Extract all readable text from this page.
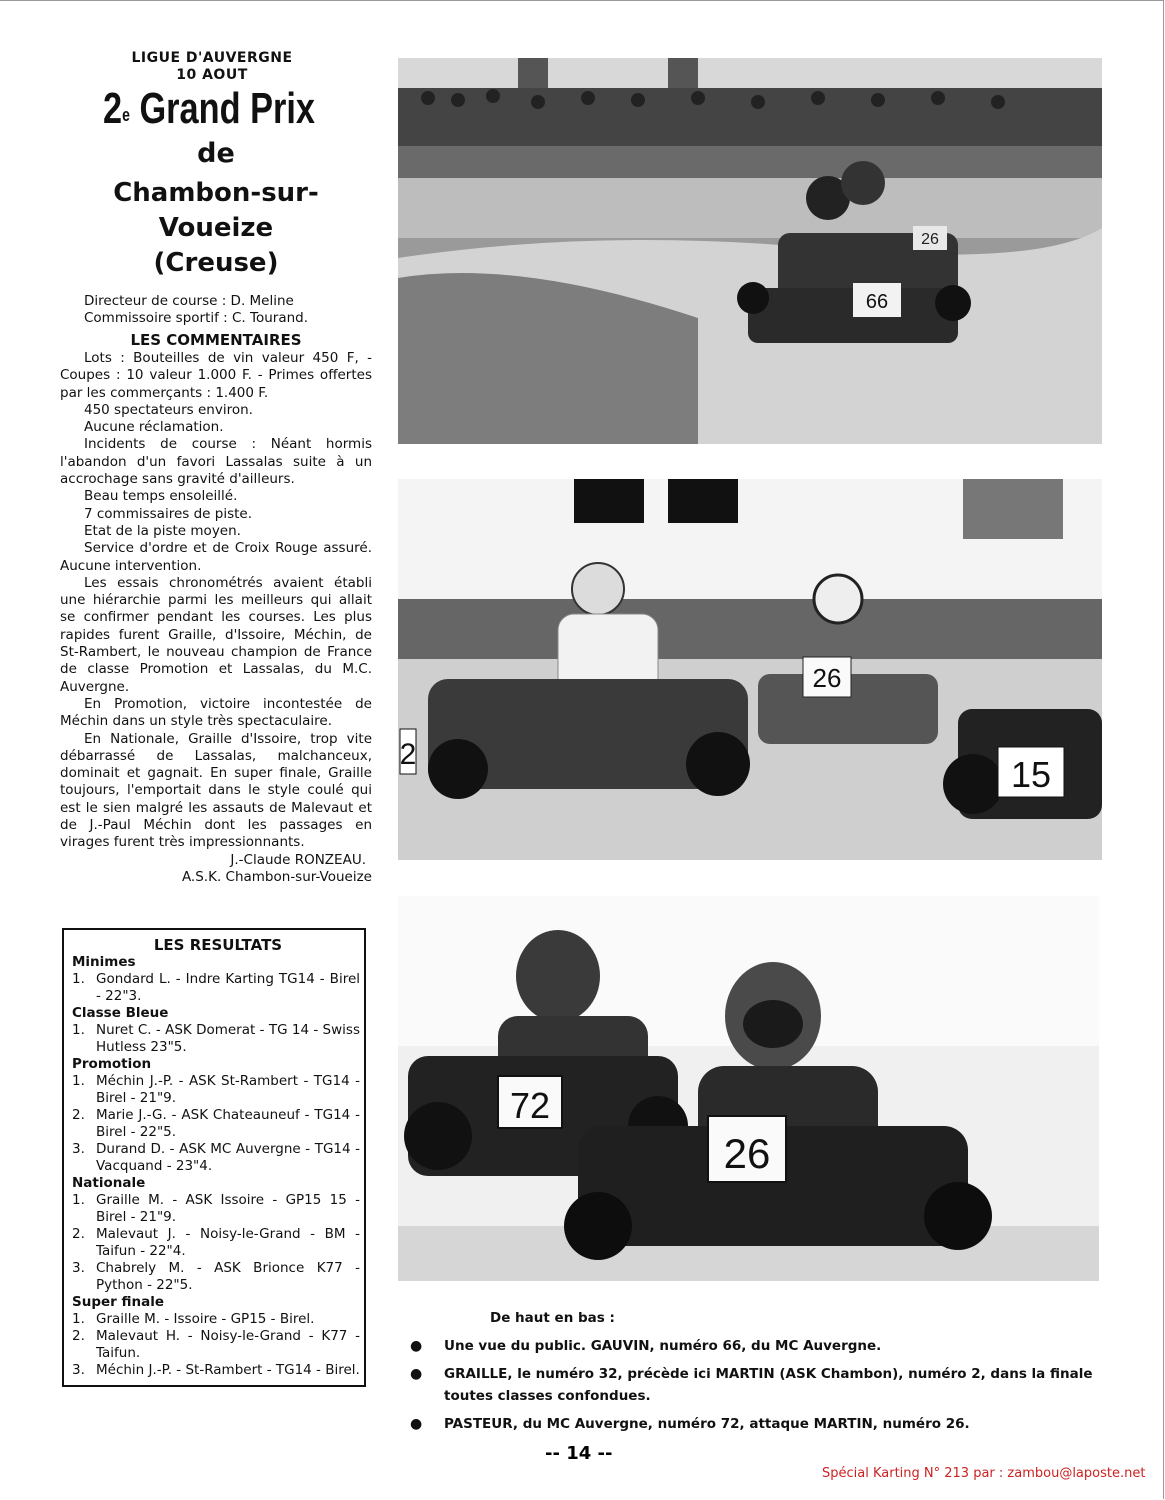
LIGUE D'AUVERGNE
10 AOUT
2e Grand Prix
de
Chambon-sur-Voueize
(Creuse)
Directeur de course : D. Meline
Commissoire sportif : C. Tourand.
LES COMMENTAIRES

Lots : Bouteilles de vin valeur 450 F, - Coupes : 10 valeur 1.000 F. - Primes offertes par les commerçants : 1.400 F.

450 spectateurs environ.

Aucune réclamation.

Incidents de course : Néant hormis l'abandon d'un favori Lassalas suite à un accrochage sans gravité d'ailleurs.

Beau temps ensoleillé.

7 commissaires de piste.

Etat de la piste moyen.

Service d'ordre et de Croix Rouge assuré. Aucune intervention.

Les essais chronométrés avaient établi une hiérarchie parmi les meilleurs qui allait se confirmer pendant les courses. Les plus rapides furent Graille, d'Issoire, Méchin, de St-Rambert, le nouveau champion de France de classe Promotion et Lassalas, du M.C. Auvergne.

En Promotion, victoire incontestée de Méchin dans un style très spectaculaire.

En Nationale, Graille d'Issoire, trop vite débarrassé de Lassalas, malchanceux, dominait et gagnait. En super finale, Graille toujours, l'emportait dans le style coulé qui est le sien malgré les assauts de Malevaut et de J.-Paul Méchin dont les passages en virages furent très impressionnants.

J.-Claude RONZEAU.
A.S.K. Chambon-sur-Voueize
LES RESULTATS
Minimes
1. Gondard L. - Indre Karting TG14 - Birel - 22"3.
Classe Bleue
1. Nuret C. - ASK Domerat - TG 14 - Swiss Hutless 23"5.
Promotion
1. Méchin J.-P. - ASK St-Rambert - TG14 - Birel - 21"9.
2. Marie J.-G. - ASK Chateauneuf - TG14 - Birel - 22"5.
3. Durand D. - ASK MC Auvergne - TG14 - Vacquand - 23"4.
Nationale
1. Graille M. - ASK Issoire - GP15 15 - Birel - 21"9.
2. Malevaut J. - Noisy-le-Grand - BM - Taifun - 22"4.
3. Chabrely M. - ASK Brionce K77 - Python - 22"5.
Super finale
1. Graille M. - Issoire - GP15 - Birel.
2. Malevaut H. - Noisy-le-Grand - K77 - Taifun.
3. Méchin J.-P. - St-Rambert - TG14 - Birel.
66
26
2
26
15
72
26
De haut en bas :
●	Une vue du public. GAUVIN, numéro 66, du MC Auvergne.
●	GRAILLE, le numéro 32, précède ici MARTIN (ASK Chambon), numéro 2, dans la finale toutes classes confondues.
●	PASTEUR, du MC Auvergne, numéro 72, attaque MARTIN, numéro 26.
-- 14 --
Spécial Karting N° 213 par : zambou@laposte.net
